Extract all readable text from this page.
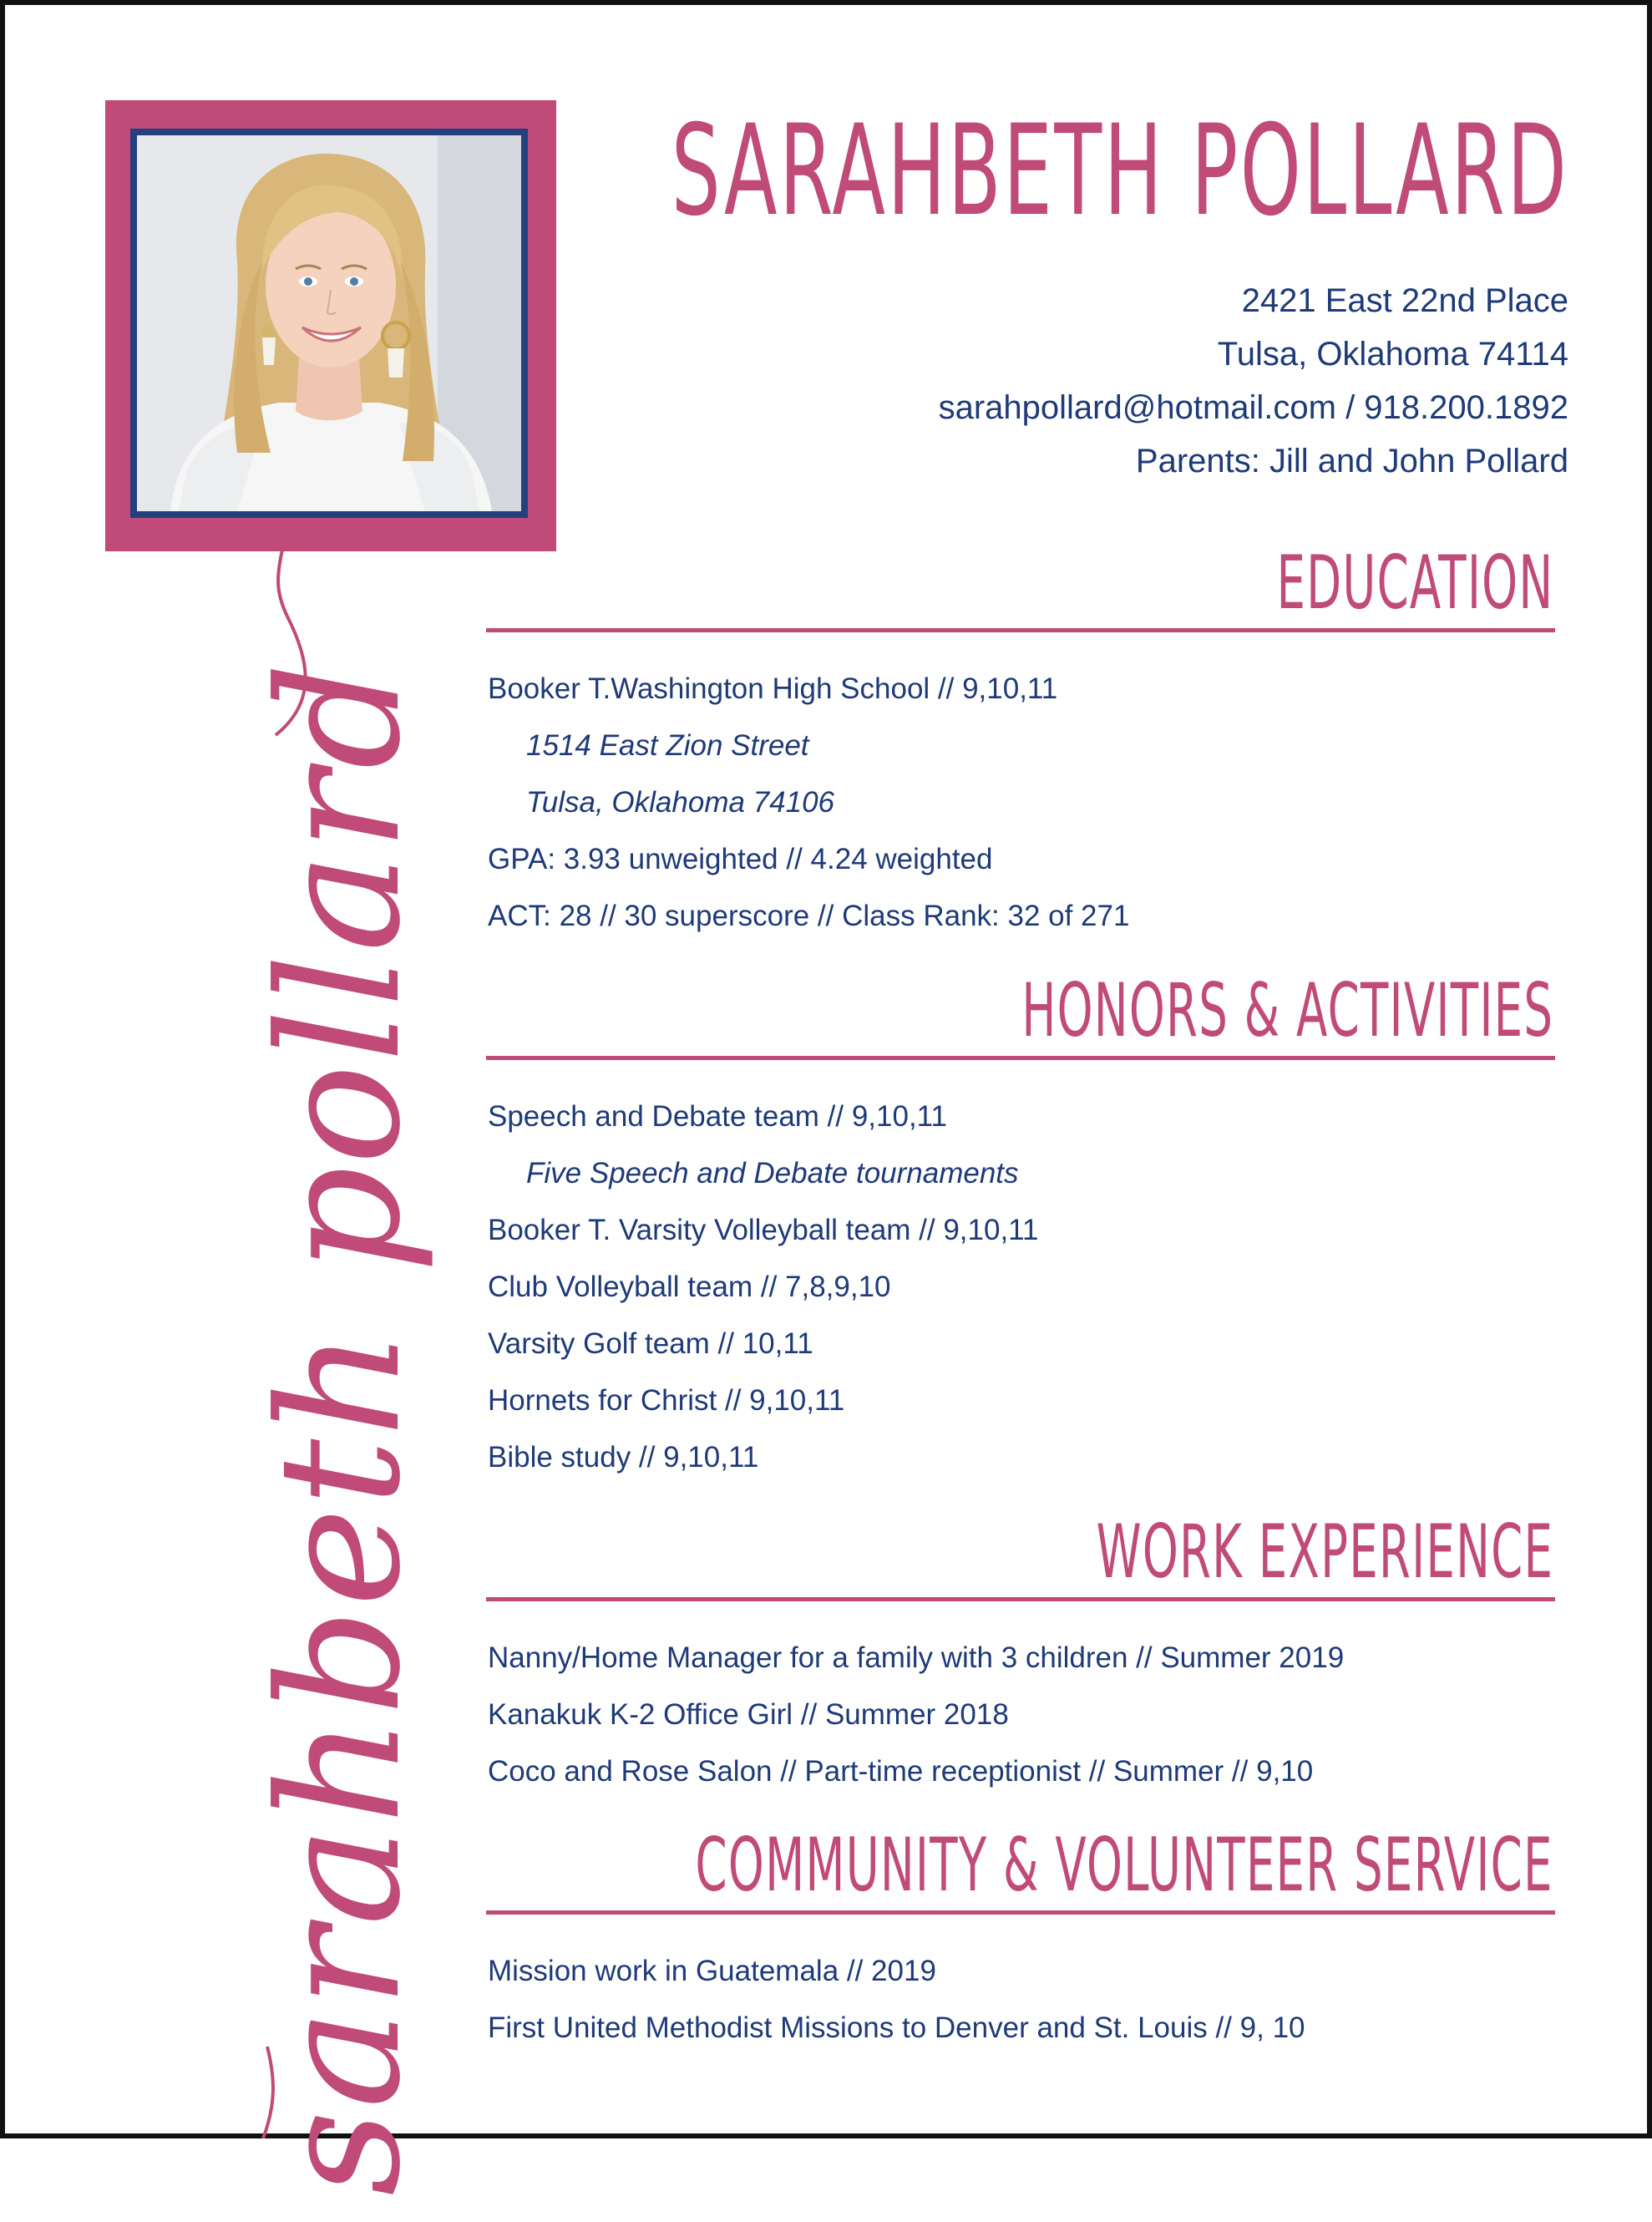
sarahbeth pollard
SARAHBETH POLLARD
2421 East 22nd Place
Tulsa, Oklahoma 74114
sarahpollard@hotmail.com / 918.200.1892
Parents: Jill and John Pollard
EDUCATION
Booker T.Washington High School // 9,10,11
1514 East Zion Street
Tulsa, Oklahoma 74106
GPA: 3.93 unweighted // 4.24 weighted
ACT: 28 // 30 superscore // Class Rank: 32 of 271
HONORS & ACTIVITIES
Speech and Debate team // 9,10,11
Five Speech and Debate tournaments
Booker T. Varsity Volleyball team // 9,10,11
Club Volleyball team // 7,8,9,10
Varsity Golf team // 10,11
Hornets for Christ // 9,10,11
Bible study // 9,10,11
WORK EXPERIENCE
Nanny/Home Manager for a family with 3 children // Summer 2019
Kanakuk K-2 Office Girl // Summer 2018
Coco and Rose Salon // Part-time receptionist // Summer // 9,10
COMMUNITY & VOLUNTEER SERVICE
Mission work in Guatemala // 2019
First United Methodist Missions to Denver and St. Louis // 9, 10
